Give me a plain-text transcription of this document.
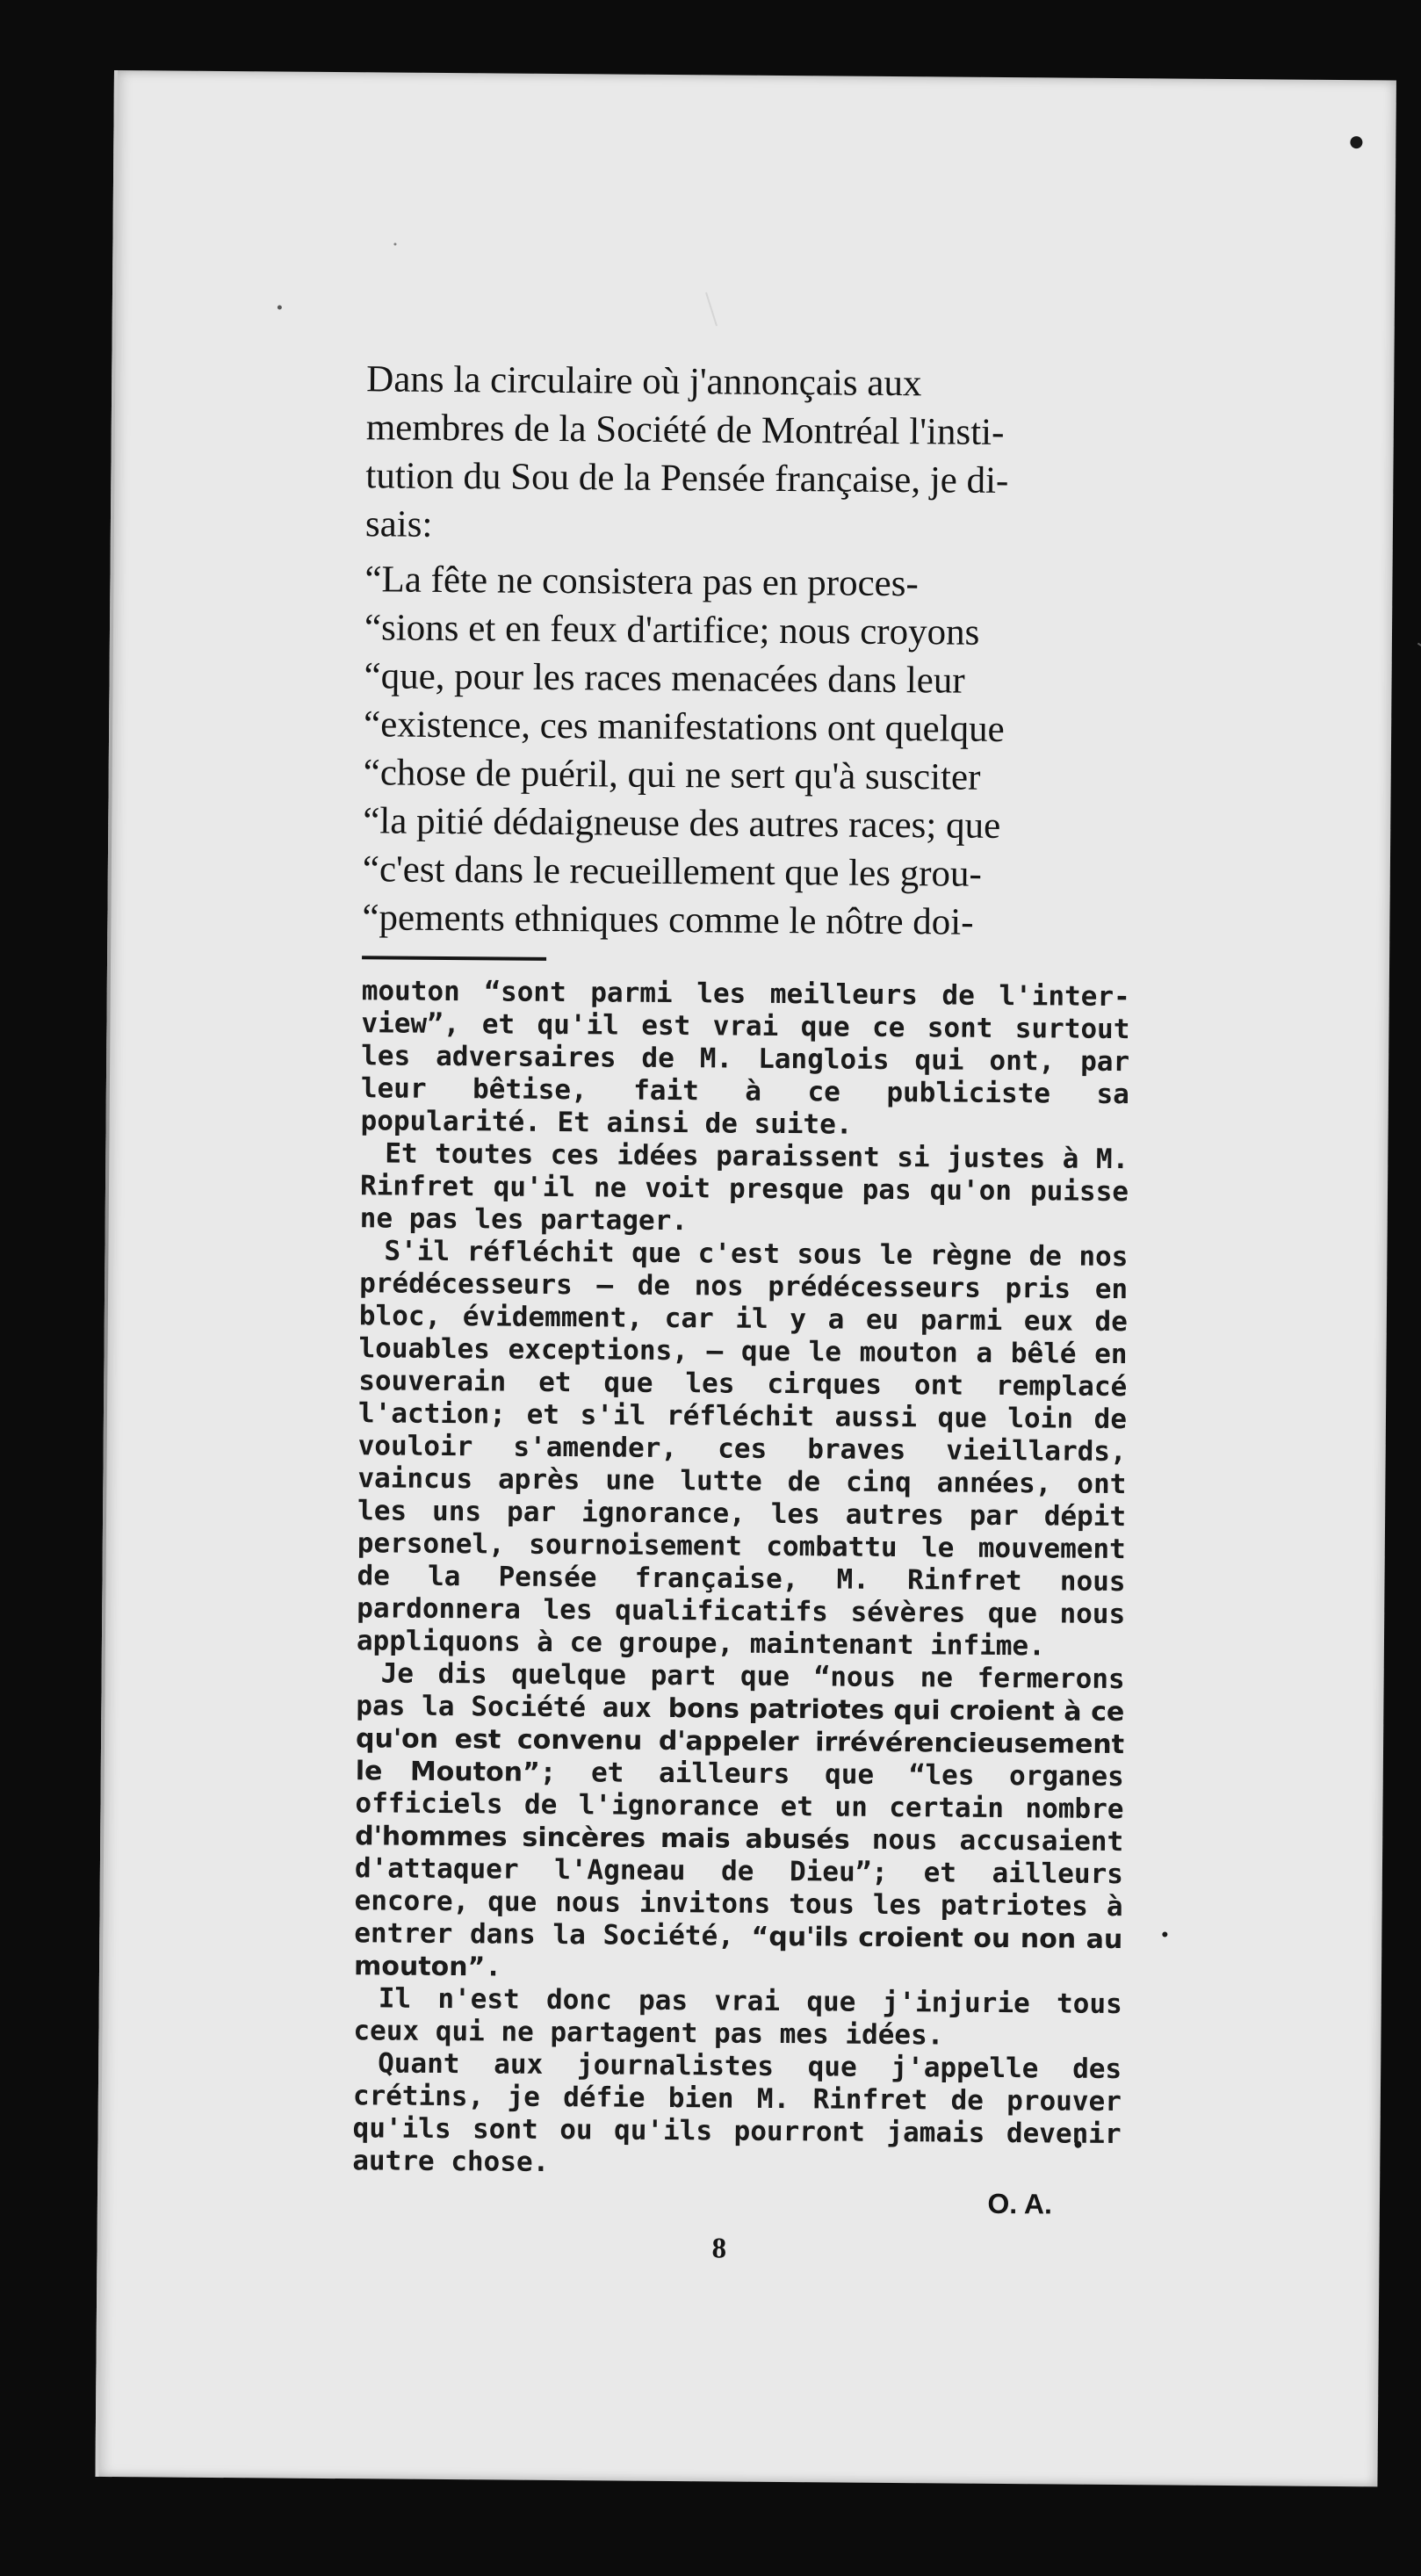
Dans la circulaire où j'annonçais aux
membres de la Société de Montréal l'insti-
tution du Sou de la Pensée française, je di-
sais:
“La fête ne consistera pas en proces-
“sions et en feux d'artifice; nous croyons
“que, pour les races menacées dans leur
“existence, ces manifestations ont quelque
“chose de puéril, qui ne sert qu'à susciter
“la pitié dédaigneuse des autres races; que
“c'est dans le recueillement que les grou-
“pements ethniques comme le nôtre doi-

mouton “sont parmi les meilleurs de l'inter-view”, et qu'il est vrai que ce sont surtout les adversaires de M. Langlois qui ont, par leur bêtise, fait à ce publiciste sa popularité. Et ainsi de suite.

Et toutes ces idées paraissent si justes à M. Rinfret qu'il ne voit presque pas qu'on puisse ne pas les partager.

S'il réfléchit que c'est sous le règne de nos prédécesseurs — de nos prédécesseurs pris en bloc, évidemment, car il y a eu parmi eux de louables exceptions, — que le mouton a bêlé en souverain et que les cirques ont remplacé l'action; et s'il réfléchit aussi que loin de vouloir s'amender, ces braves vieillards, vaincus après une lutte de cinq années, ont les uns par ignorance, les autres par dépit personel, sournoisement combattu le mouvement de la Pensée française, M. Rinfret nous pardonnera les qualificatifs sévères que nous appliquons à ce groupe, maintenant infime.

Je dis quelque part que “nous ne fermerons pas la Société aux bons patriotes qui croient à ce qu'on est convenu d'appeler irrévérencieusement le Mouton”; et ailleurs que “les organes officiels de l'ignorance et un certain nombre d'hommes sincères mais abusés nous accusaient d'attaquer l'Agneau de Dieu”; et ailleurs encore, que nous invitons tous les patriotes à entrer dans la Société, “qu'ils croient ou non au mouton”.

Il n'est donc pas vrai que j'injurie tous ceux qui ne partagent pas mes idées.

Quant aux journalistes que j'appelle des crétins, je défie bien M. Rinfret de prouver qu'ils sont ou qu'ils pourront jamais devenir autre chose.

O. A.
8
